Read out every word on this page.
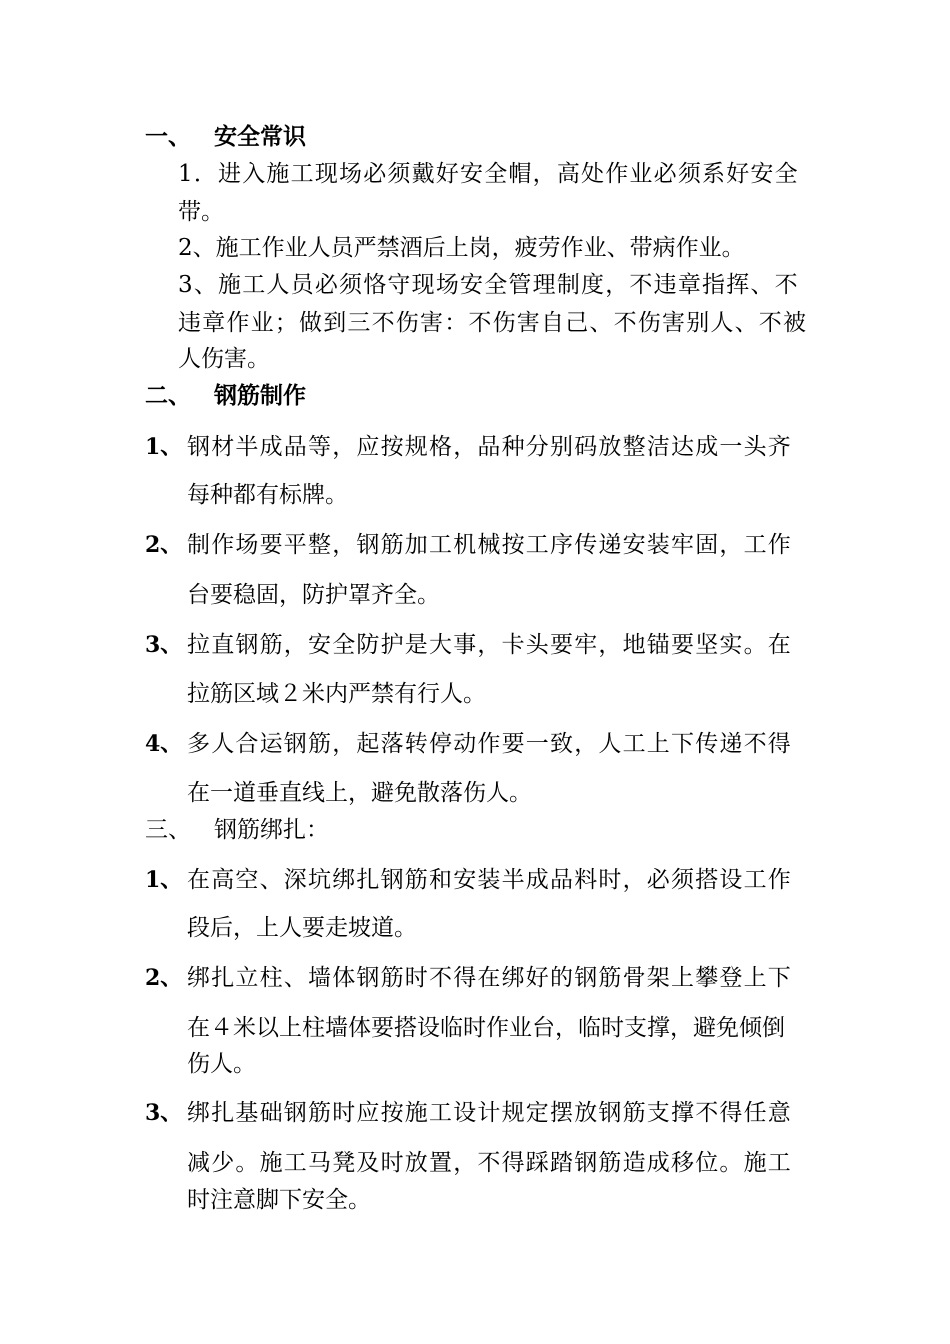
一、 安全常识
1．进入施工现场必须戴好安全帽，高处作业必须系好安全
带。
2、施工作业人员严禁酒后上岗，疲劳作业、带病作业。
3、施工人员必须恪守现场安全管理制度，不违章指挥、不
违章作业；做到三不伤害：不伤害自己、不伤害别人、不被
人伤害。
二、 钢筋制作
1、 钢材半成品等，应按规格，品种分别码放整洁达成一头齐
每种都有标牌。
2、 制作场要平整，钢筋加工机械按工序传递安装牢固，工作
台要稳固，防护罩齐全。
3、 拉直钢筋，安全防护是大事，卡头要牢，地锚要坚实。在
拉筋区域２米内严禁有行人。
4、 多人合运钢筋，起落转停动作要一致，人工上下传递不得
在一道垂直线上，避免散落伤人。
三、 钢筋绑扎：
1、 在高空、深坑绑扎钢筋和安装半成品料时，必须搭设工作
段后，上人要走坡道。
2、 绑扎立柱、墙体钢筋时不得在绑好的钢筋骨架上攀登上下
在４米以上柱墙体要搭设临时作业台，临时支撑，避免倾倒
伤人。
3、 绑扎基础钢筋时应按施工设计规定摆放钢筋支撑不得任意
减少。施工马凳及时放置，不得踩踏钢筋造成移位。施工
时注意脚下安全。
